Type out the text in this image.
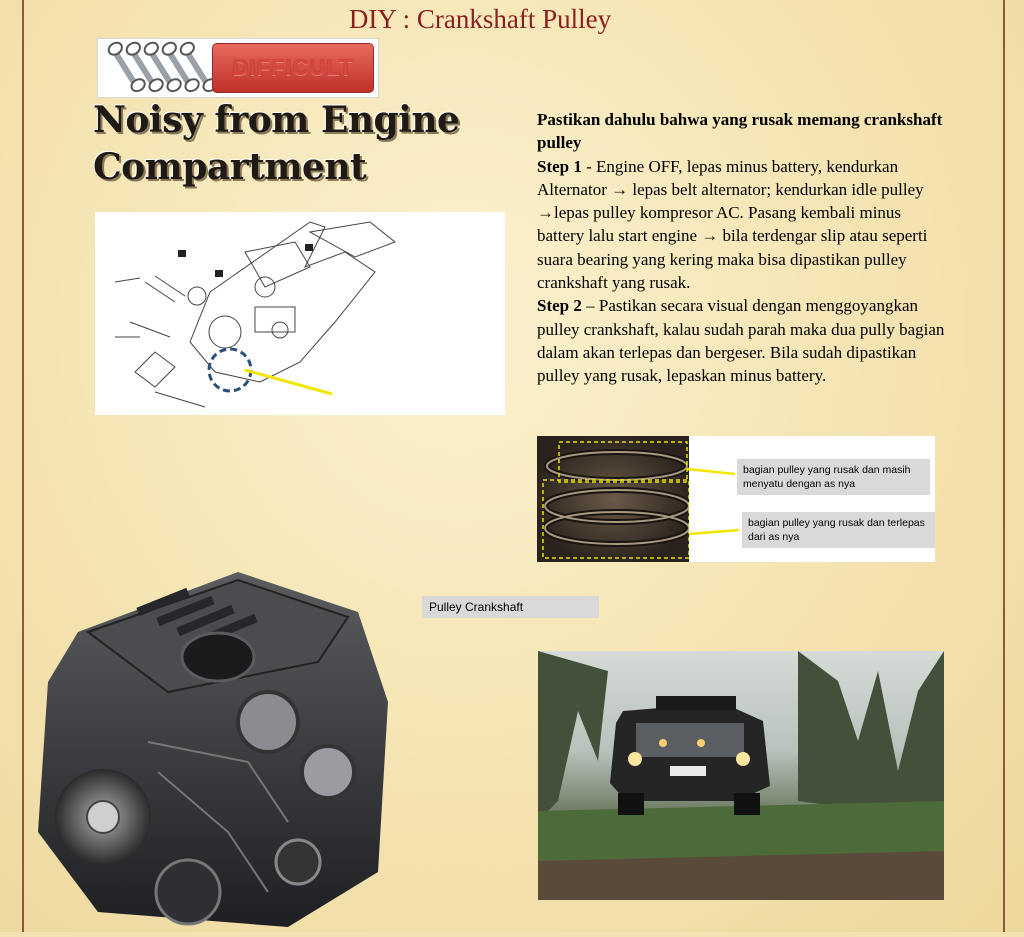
DIY : Crankshaft Pulley
DIFFICULT
Noisy from Engine
Compartment
Pulley Crankshaft

Pastikan dahulu bahwa yang rusak memang crankshaft pulley

Step 1 - Engine OFF, lepas minus battery, kendurkan Alternator → lepas belt alternator; kendurkan idle pulley →lepas pulley kompresor AC. Pasang kembali minus battery lalu start engine → bila terdengar slip atau seperti suara bearing yang kering maka bisa dipastikan pulley crankshaft yang rusak.

Step 2 – Pastikan secara visual dengan menggoyangkan pulley crankshaft, kalau sudah parah maka dua pully bagian dalam akan terlepas dan bergeser. Bila sudah dipastikan pulley yang rusak, lepaskan minus battery.

bagian pulley yang rusak dan masih menyatu dengan as nya
bagian pulley yang rusak dan terlepas dari as nya
